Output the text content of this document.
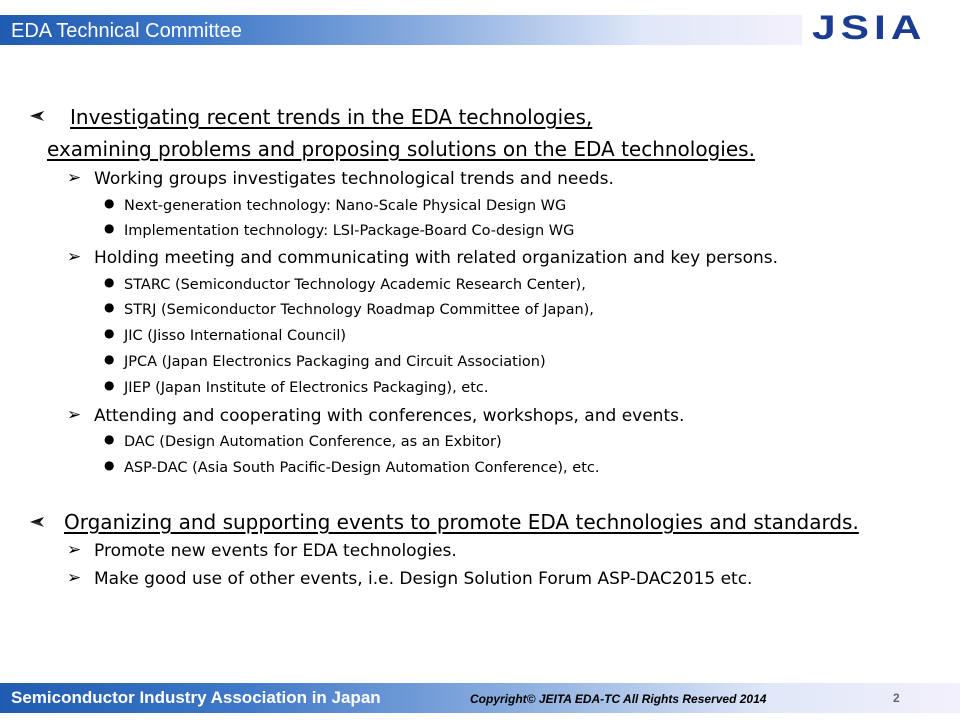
EDA Technical Committee	JSIA
Investigating recent trends in the EDA technologies,
examining problems and proposing solutions on the EDA technologies.
➢ Working groups investigates technological trends and needs.
● Next-generation technology: Nano-Scale Physical Design WG
● Implementation technology: LSI-Package-Board Co-design WG
➢ Holding meeting and communicating with related organization and key persons.
● STARC (Semiconductor Technology Academic Research Center),
● STRJ (Semiconductor Technology Roadmap Committee of Japan),
● JIC (Jisso International Council)
● JPCA (Japan Electronics Packaging and Circuit Association)
● JIEP (Japan Institute of Electronics Packaging), etc.
➢ Attending and cooperating with conferences, workshops, and events.
● DAC (Design Automation Conference, as an Exbitor)
● ASP-DAC (Asia South Pacific-Design Automation Conference), etc.
Organizing and supporting events to promote EDA technologies and standards.
➢ Promote new events for EDA technologies.
➢ Make good use of other events, i.e. Design Solution Forum ASP-DAC2015 etc.
Semiconductor Industry Association in Japan	Copyright© JEITA EDA-TC All Rights Reserved 2014	2
